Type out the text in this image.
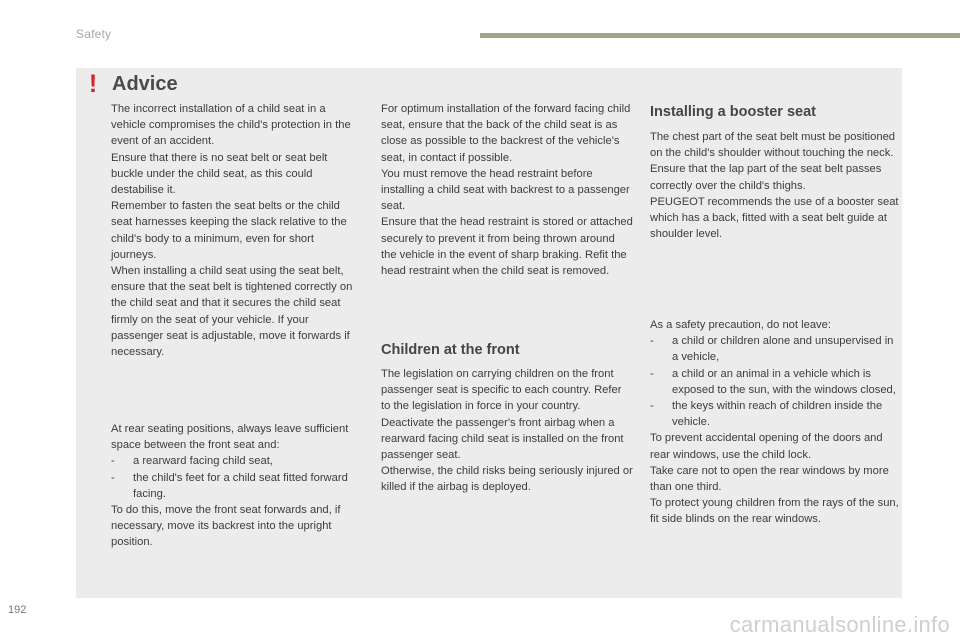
Safety
! Advice

The incorrect installation of a child seat in a vehicle compromises the child's protection in the event of an accident.

Ensure that there is no seat belt or seat belt buckle under the child seat, as this could destabilise it.

Remember to fasten the seat belts or the child seat harnesses keeping the slack relative to the child's body to a minimum, even for short journeys.

When installing a child seat using the seat belt, ensure that the seat belt is tightened correctly on the child seat and that it secures the child seat firmly on the seat of your vehicle. If your passenger seat is adjustable, move it forwards if necessary.

At rear seating positions, always leave sufficient space between the front seat and:

- a rearward facing child seat,

- the child's feet for a child seat fitted forward facing.

To do this, move the front seat forwards and, if necessary, move its backrest into the upright position.

For optimum installation of the forward facing child seat, ensure that the back of the child seat is as close as possible to the backrest of the vehicle's seat, in contact if possible.

You must remove the head restraint before installing a child seat with backrest to a passenger seat.

Ensure that the head restraint is stored or attached securely to prevent it from being thrown around the vehicle in the event of sharp braking. Refit the head restraint when the child seat is removed.

Children at the front

The legislation on carrying children on the front passenger seat is specific to each country. Refer to the legislation in force in your country.

Deactivate the passenger's front airbag when a rearward facing child seat is installed on the front passenger seat.

Otherwise, the child risks being seriously injured or killed if the airbag is deployed.

Installing a booster seat

The chest part of the seat belt must be positioned on the child's shoulder without touching the neck.

Ensure that the lap part of the seat belt passes correctly over the child's thighs.

PEUGEOT recommends the use of a booster seat which has a back, fitted with a seat belt guide at shoulder level.

As a safety precaution, do not leave:

- a child or children alone and unsupervised in a vehicle,

- a child or an animal in a vehicle which is exposed to the sun, with the windows closed,

- the keys within reach of children inside the vehicle.

To prevent accidental opening of the doors and rear windows, use the child lock.

Take care not to open the rear windows by more than one third.

To protect young children from the rays of the sun, fit side blinds on the rear windows.

192
carmanualsonline.info
